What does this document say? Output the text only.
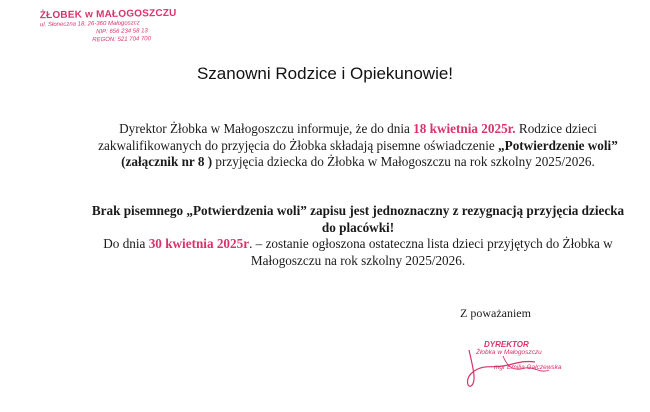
ŻŁOBEK w MAŁOGOSZCZU
ul. Słoneczna 18, 26-360 Małogoszcz
NIP: 656 234 58 13
REGON: 521 704 700
Szanowni Rodzice i Opiekunowie!
Dyrektor Żłobka w Małogoszczu informuje, że do dnia 18 kwietnia 2025r. Rodzice dzieci zakwalifikowanych do przyjęcia do Żłobka składają pisemne oświadczenie „Potwierdzenie woli” (załącznik nr 8 ) przyjęcia dziecka do Żłobka w Małogoszczu na rok szkolny 2025/2026.
Brak pisemnego „Potwierdzenia woli” zapisu jest jednoznaczny z rezygnacją przyjęcia dziecka do placówki!
Do dnia 30 kwietnia 2025r. – zostanie ogłoszona ostateczna lista dzieci przyjętych do Żłobka w Małogoszczu na rok szkolny 2025/2026.
Z poważaniem
DYREKTOR
Żłobka w Małogoszczu
mgr Emilia Gałczewska
